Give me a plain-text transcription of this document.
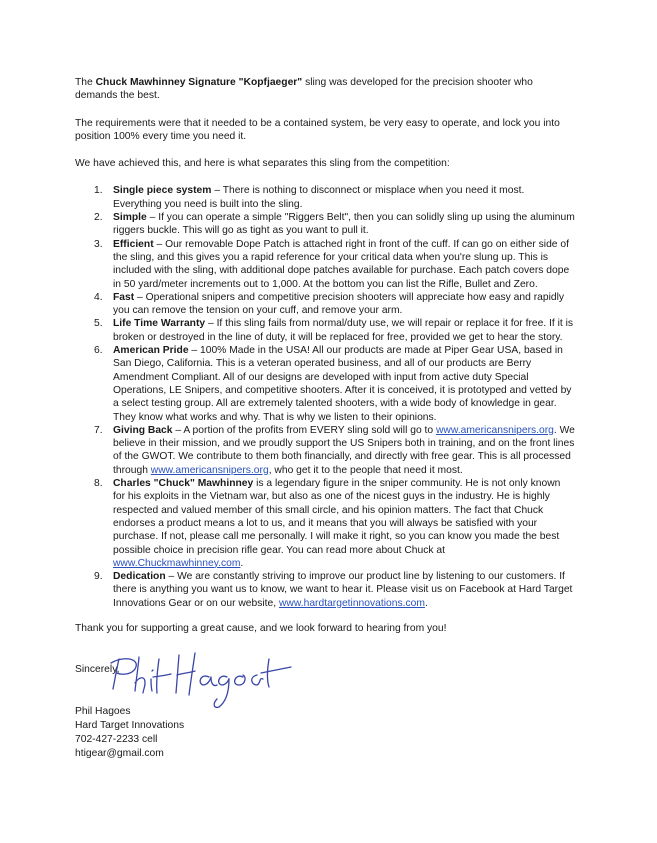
The Chuck Mawhinney Signature "Kopfjaeger" sling was developed for the precision shooter who demands the best.

The requirements were that it needed to be a contained system, be very easy to operate, and lock you into position 100% every time you need it.

We have achieved this, and here is what separates this sling from the competition:

1. Single piece system – There is nothing to disconnect or misplace when you need it most. Everything you need is built into the sling.
2. Simple – If you can operate a simple "Riggers Belt", then you can solidly sling up using the aluminum riggers buckle. This will go as tight as you want to pull it.
3. Efficient – Our removable Dope Patch is attached right in front of the cuff. If can go on either side of the sling, and this gives you a rapid reference for your critical data when you're slung up. This is included with the sling, with additional dope patches available for purchase. Each patch covers dope in 50 yard/meter increments out to 1,000. At the bottom you can list the Rifle, Bullet and Zero.
4. Fast – Operational snipers and competitive precision shooters will appreciate how easy and rapidly you can remove the tension on your cuff, and remove your arm.
5. Life Time Warranty – If this sling fails from normal/duty use, we will repair or replace it for free. If it is broken or destroyed in the line of duty, it will be replaced for free, provided we get to hear the story.
6. American Pride – 100% Made in the USA! All our products are made at Piper Gear USA, based in San Diego, California. This is a veteran operated business, and all of our products are Berry Amendment Compliant. All of our designs are developed with input from active duty Special Operations, LE Snipers, and competitive shooters. After it is conceived, it is prototyped and vetted by a select testing group. All are extremely talented shooters, with a wide body of knowledge in gear. They know what works and why. That is why we listen to their opinions.
7. Giving Back – A portion of the profits from EVERY sling sold will go to www.americansnipers.org. We believe in their mission, and we proudly support the US Snipers both in training, and on the front lines of the GWOT. We contribute to them both financially, and directly with free gear. This is all processed through www.americansnipers.org, who get it to the people that need it most.
8. Charles "Chuck" Mawhinney is a legendary figure in the sniper community. He is not only known for his exploits in the Vietnam war, but also as one of the nicest guys in the industry. He is highly respected and valued member of this small circle, and his opinion matters. The fact that Chuck endorses a product means a lot to us, and it means that you will always be satisfied with your purchase. If not, please call me personally. I will make it right, so you can know you made the best possible choice in precision rifle gear. You can read more about Chuck at www.Chuckmawhinney.com.
9. Dedication – We are constantly striving to improve our product line by listening to our customers. If there is anything you want us to know, we want to hear it. Please visit us on Facebook at Hard Target Innovations Gear or on our website, www.hardtargetinnovations.com.

Thank you for supporting a great cause, and we look forward to hearing from you!

Sincerely,

Phil Hagoes

Hard Target Innovations

702-427-2233 cell

htigear@gmail.com
